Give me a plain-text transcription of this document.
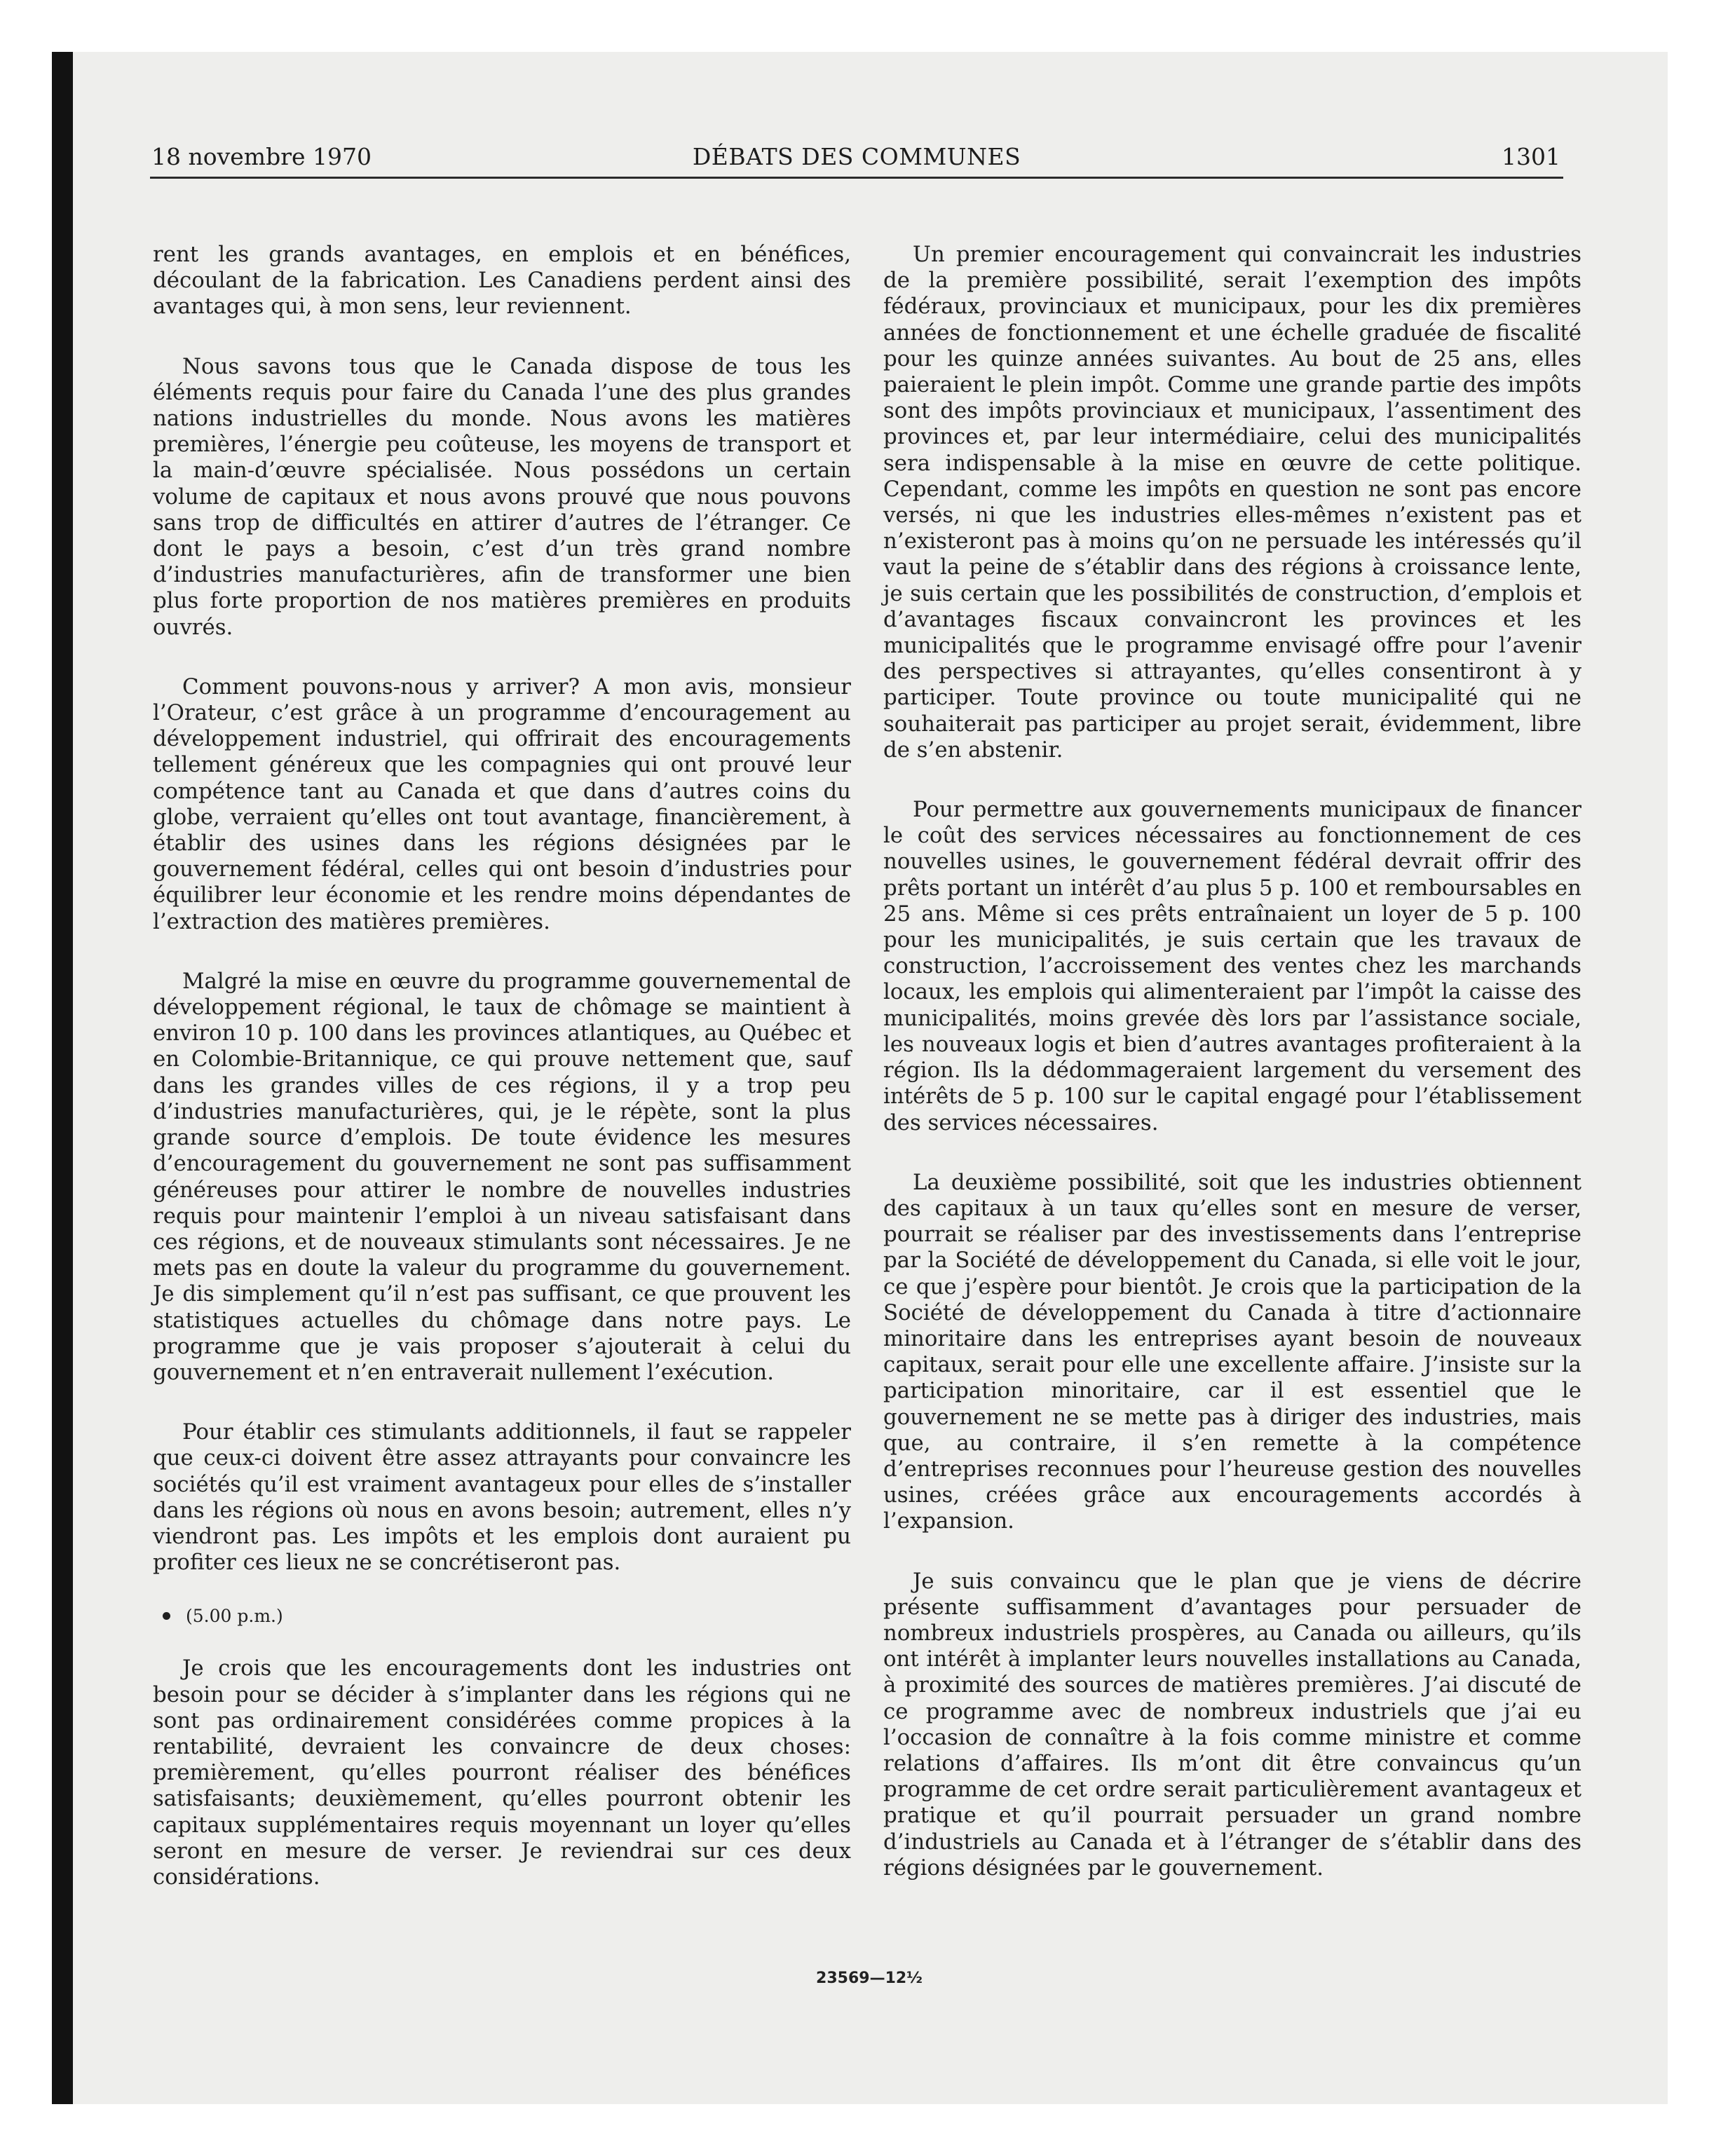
18 novembre 1970	DÉBATS DES COMMUNES	1301

rent les grands avantages, en emplois et en bénéfices, découlant de la fabrication. Les Canadiens perdent ainsi des avantages qui, à mon sens, leur reviennent.

Nous savons tous que le Canada dispose de tous les éléments requis pour faire du Canada l’une des plus grandes nations industrielles du monde. Nous avons les matières premières, l’énergie peu coûteuse, les moyens de transport et la main-d’œuvre spécialisée. Nous possédons un certain volume de capitaux et nous avons prouvé que nous pouvons sans trop de difficultés en attirer d’autres de l’étranger. Ce dont le pays a besoin, c’est d’un très grand nombre d’industries manufacturières, afin de transformer une bien plus forte proportion de nos matières premières en produits ouvrés.

Comment pouvons-nous y arriver? A mon avis, monsieur l’Orateur, c’est grâce à un programme d’encouragement au développement industriel, qui offrirait des encouragements tellement généreux que les compagnies qui ont prouvé leur compétence tant au Canada et que dans d’autres coins du globe, verraient qu’elles ont tout avantage, financièrement, à établir des usines dans les régions désignées par le gouvernement fédéral, celles qui ont besoin d’industries pour équilibrer leur économie et les rendre moins dépendantes de l’extraction des matières premières.

Malgré la mise en œuvre du programme gouvernemental de développement régional, le taux de chômage se maintient à environ 10 p. 100 dans les provinces atlantiques, au Québec et en Colombie-Britannique, ce qui prouve nettement que, sauf dans les grandes villes de ces régions, il y a trop peu d’industries manufacturières, qui, je le répète, sont la plus grande source d’emplois. De toute évidence les mesures d’encouragement du gouvernement ne sont pas suffisamment généreuses pour attirer le nombre de nouvelles industries requis pour maintenir l’emploi à un niveau satisfaisant dans ces régions, et de nouveaux stimulants sont nécessaires. Je ne mets pas en doute la valeur du programme du gouvernement. Je dis simplement qu’il n’est pas suffisant, ce que prouvent les statistiques actuelles du chômage dans notre pays. Le programme que je vais proposer s’ajouterait à celui du gouvernement et n’en entraverait nullement l’exécution.

Pour établir ces stimulants additionnels, il faut se rappeler que ceux-ci doivent être assez attrayants pour convaincre les sociétés qu’il est vraiment avantageux pour elles de s’installer dans les régions où nous en avons besoin; autrement, elles n’y viendront pas. Les impôts et les emplois dont auraient pu profiter ces lieux ne se concrétiseront pas.

(5.00 p.m.)

Je crois que les encouragements dont les industries ont besoin pour se décider à s’implanter dans les régions qui ne sont pas ordinairement considérées comme propices à la rentabilité, devraient les convaincre de deux choses: premièrement, qu’elles pourront réaliser des bénéfices satisfaisants; deuxièmement, qu’elles pourront obtenir les capitaux supplémentaires requis moyennant un loyer qu’elles seront en mesure de verser. Je reviendrai sur ces deux considérations.

Un premier encouragement qui convaincrait les industries de la première possibilité, serait l’exemption des impôts fédéraux, provinciaux et municipaux, pour les dix premières années de fonctionnement et une échelle graduée de fiscalité pour les quinze années suivantes. Au bout de 25 ans, elles paieraient le plein impôt. Comme une grande partie des impôts sont des impôts provinciaux et municipaux, l’assentiment des provinces et, par leur intermédiaire, celui des municipalités sera indispensable à la mise en œuvre de cette politique. Cependant, comme les impôts en question ne sont pas encore versés, ni que les industries elles-mêmes n’existent pas et n’existeront pas à moins qu’on ne persuade les intéressés qu’il vaut la peine de s’établir dans des régions à croissance lente, je suis certain que les possibilités de construction, d’emplois et d’avantages fiscaux convaincront les provinces et les municipalités que le programme envisagé offre pour l’avenir des perspectives si attrayantes, qu’elles consentiront à y participer. Toute province ou toute municipalité qui ne souhaiterait pas participer au projet serait, évidemment, libre de s’en abstenir.

Pour permettre aux gouvernements municipaux de financer le coût des services nécessaires au fonctionnement de ces nouvelles usines, le gouvernement fédéral devrait offrir des prêts portant un intérêt d’au plus 5 p. 100 et remboursables en 25 ans. Même si ces prêts entraînaient un loyer de 5 p. 100 pour les municipalités, je suis certain que les travaux de construction, l’accroissement des ventes chez les marchands locaux, les emplois qui alimenteraient par l’impôt la caisse des municipalités, moins grevée dès lors par l’assistance sociale, les nouveaux logis et bien d’autres avantages profiteraient à la région. Ils la dédommageraient largement du versement des intérêts de 5 p. 100 sur le capital engagé pour l’établissement des services nécessaires.

La deuxième possibilité, soit que les industries obtiennent des capitaux à un taux qu’elles sont en mesure de verser, pourrait se réaliser par des investissements dans l’entreprise par la Société de développement du Canada, si elle voit le jour, ce que j’espère pour bientôt. Je crois que la participation de la Société de développement du Canada à titre d’actionnaire minoritaire dans les entreprises ayant besoin de nouveaux capitaux, serait pour elle une excellente affaire. J’insiste sur la participation minoritaire, car il est essentiel que le gouvernement ne se mette pas à diriger des industries, mais que, au contraire, il s’en remette à la compétence d’entreprises reconnues pour l’heureuse gestion des nouvelles usines, créées grâce aux encouragements accordés à l’expansion.

Je suis convaincu que le plan que je viens de décrire présente suffisamment d’avantages pour persuader de nombreux industriels prospères, au Canada ou ailleurs, qu’ils ont intérêt à implanter leurs nouvelles installations au Canada, à proximité des sources de matières premières. J’ai discuté de ce programme avec de nombreux industriels que j’ai eu l’occasion de connaître à la fois comme ministre et comme relations d’affaires. Ils m’ont dit être convaincus qu’un programme de cet ordre serait particulièrement avantageux et pratique et qu’il pourrait persuader un grand nombre d’industriels au Canada et à l’étranger de s’établir dans des régions désignées par le gouvernement.

23569—12½
